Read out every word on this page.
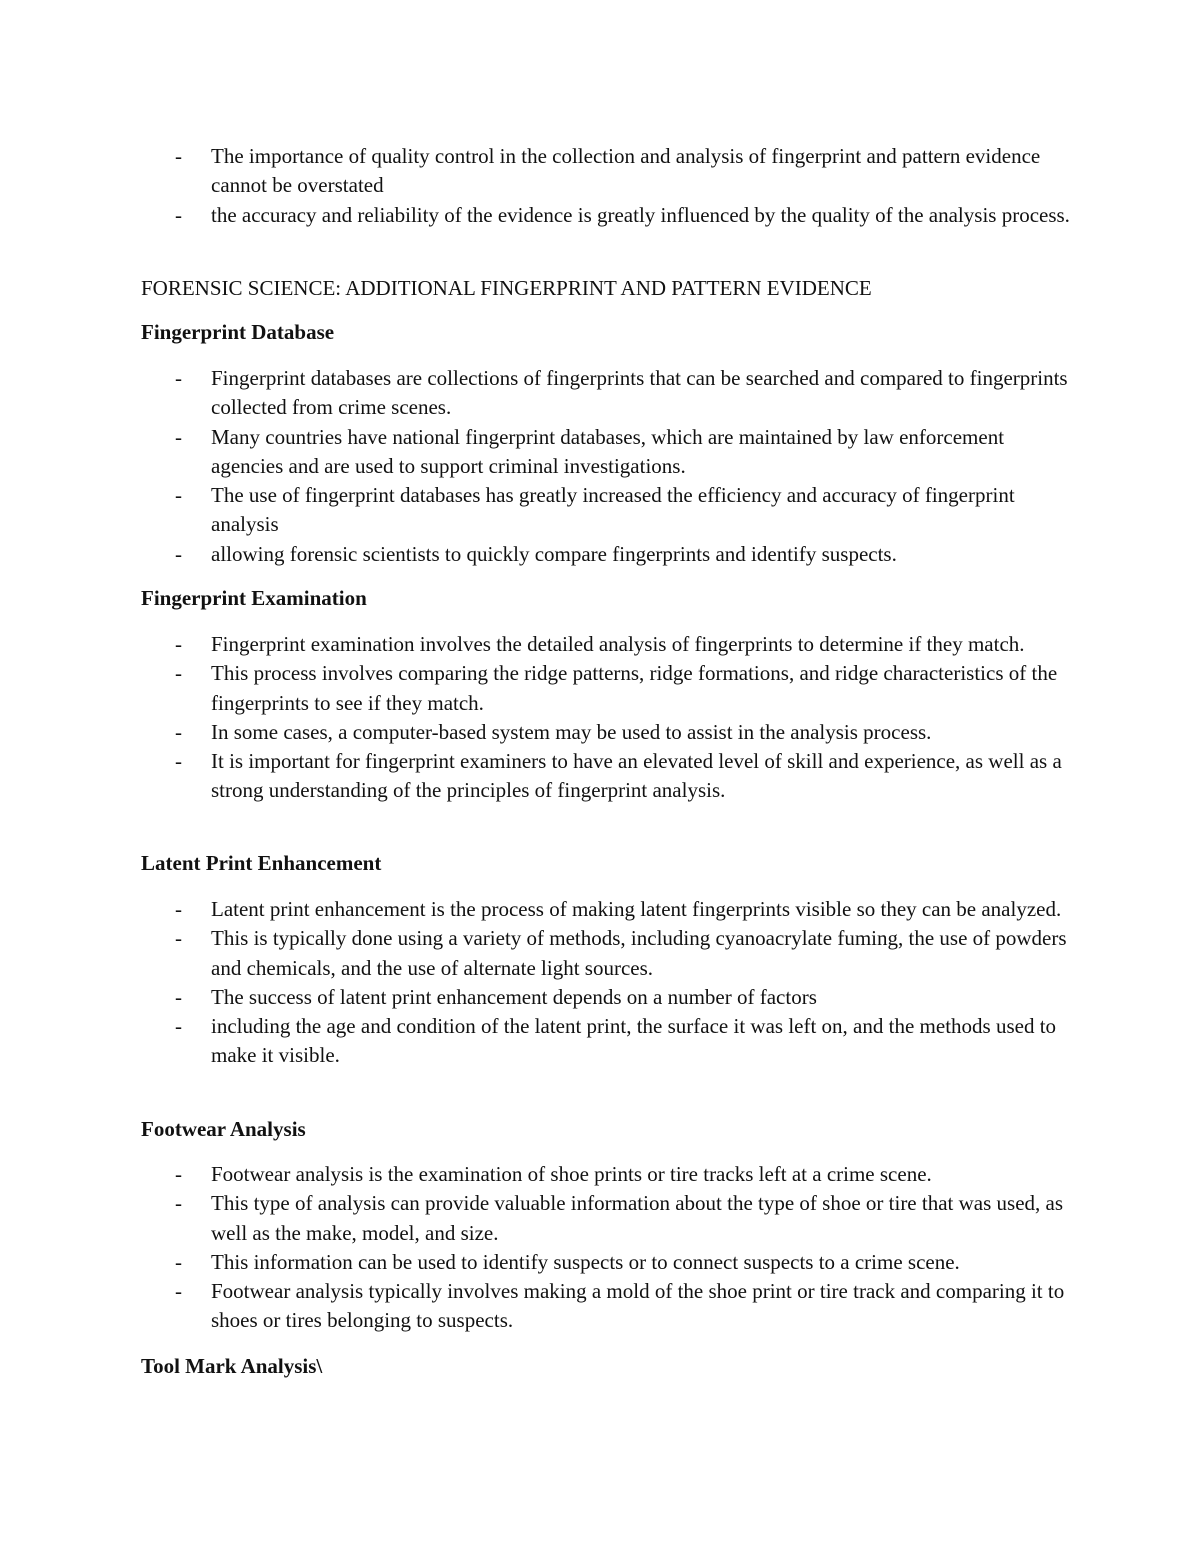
- The importance of quality control in the collection and analysis of fingerprint and pattern evidence cannot be overstated
- the accuracy and reliability of the evidence is greatly influenced by the quality of the analysis process.
FORENSIC SCIENCE: ADDITIONAL FINGERPRINT AND PATTERN EVIDENCE
Fingerprint Database
- Fingerprint databases are collections of fingerprints that can be searched and compared to fingerprints collected from crime scenes.
- Many countries have national fingerprint databases, which are maintained by law enforcement agencies and are used to support criminal investigations.
- The use of fingerprint databases has greatly increased the efficiency and accuracy of fingerprint analysis
- allowing forensic scientists to quickly compare fingerprints and identify suspects.
Fingerprint Examination
- Fingerprint examination involves the detailed analysis of fingerprints to determine if they match.
- This process involves comparing the ridge patterns, ridge formations, and ridge characteristics of the fingerprints to see if they match.
- In some cases, a computer-based system may be used to assist in the analysis process.
- It is important for fingerprint examiners to have an elevated level of skill and experience, as well as a strong understanding of the principles of fingerprint analysis.
Latent Print Enhancement
- Latent print enhancement is the process of making latent fingerprints visible so they can be analyzed.
- This is typically done using a variety of methods, including cyanoacrylate fuming, the use of powders and chemicals, and the use of alternate light sources.
- The success of latent print enhancement depends on a number of factors
- including the age and condition of the latent print, the surface it was left on, and the methods used to make it visible.
Footwear Analysis
- Footwear analysis is the examination of shoe prints or tire tracks left at a crime scene.
- This type of analysis can provide valuable information about the type of shoe or tire that was used, as well as the make, model, and size.
- This information can be used to identify suspects or to connect suspects to a crime scene.
- Footwear analysis typically involves making a mold of the shoe print or tire track and comparing it to shoes or tires belonging to suspects.
Tool Mark Analysis\
